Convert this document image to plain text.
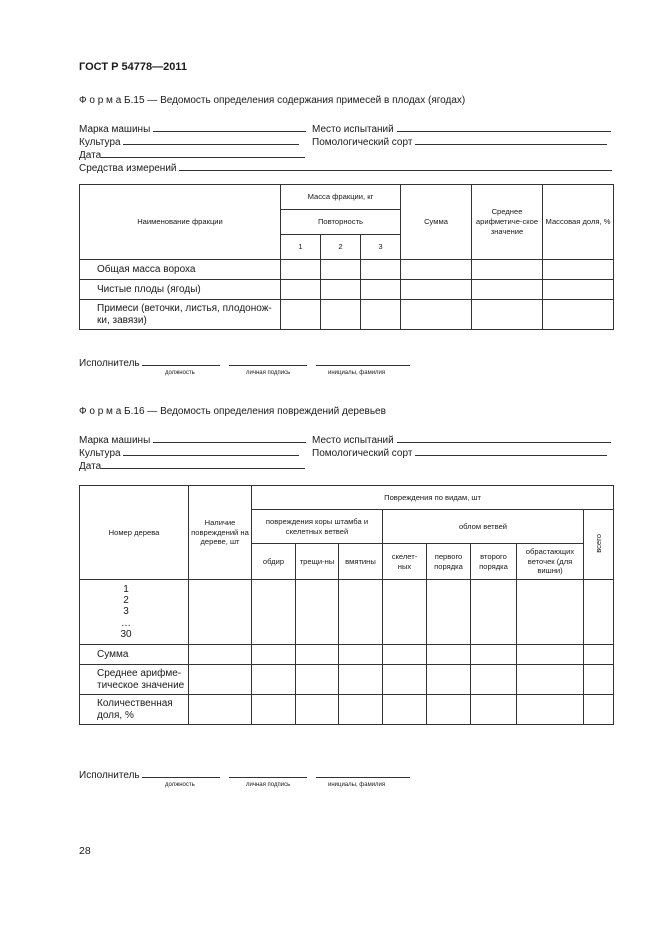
ГОСТ Р 54778—2011
Ф о р м а Б.15 — Ведомость определения содержания примесей в плодах (ягодах)
Марка машины	Место испытаний
Культура	Помологический сорт
Дата
Средства измерений
Наименование фракции	Масса фракции, кг			Сумма	Среднее арифметиче-ское значение	Массовая доля, %
	Повторность					
	1	2	3			
Общая масса вороха						
Чистые плоды (ягоды)						
Примеси (веточки, листья, плодонож-ки, завязи)						
Исполнитель
должность	личная подпись	инициалы, фамилия
Ф о р м а Б.16 — Ведомость определения повреждений деревьев
Марка машины	Место испытаний
Культура	Помологический сорт
Дата
Номер дерева	Наличие повреждений на дереве, шт	Повреждения по видам, шт							
		повреждения коры штамба и скелетных ветвей			облом ветвей				всего
		обдир	трещи-ны	вмятины	скелет-ных	первого порядка	второго порядка	обрастающих веточек (для вишни)	

1
2
3
…
30									

Сумма									
Среднее арифме-тическое значение									
Количественная доля, %									
Исполнитель
должность	личная подпись	инициалы, фамилия
28
